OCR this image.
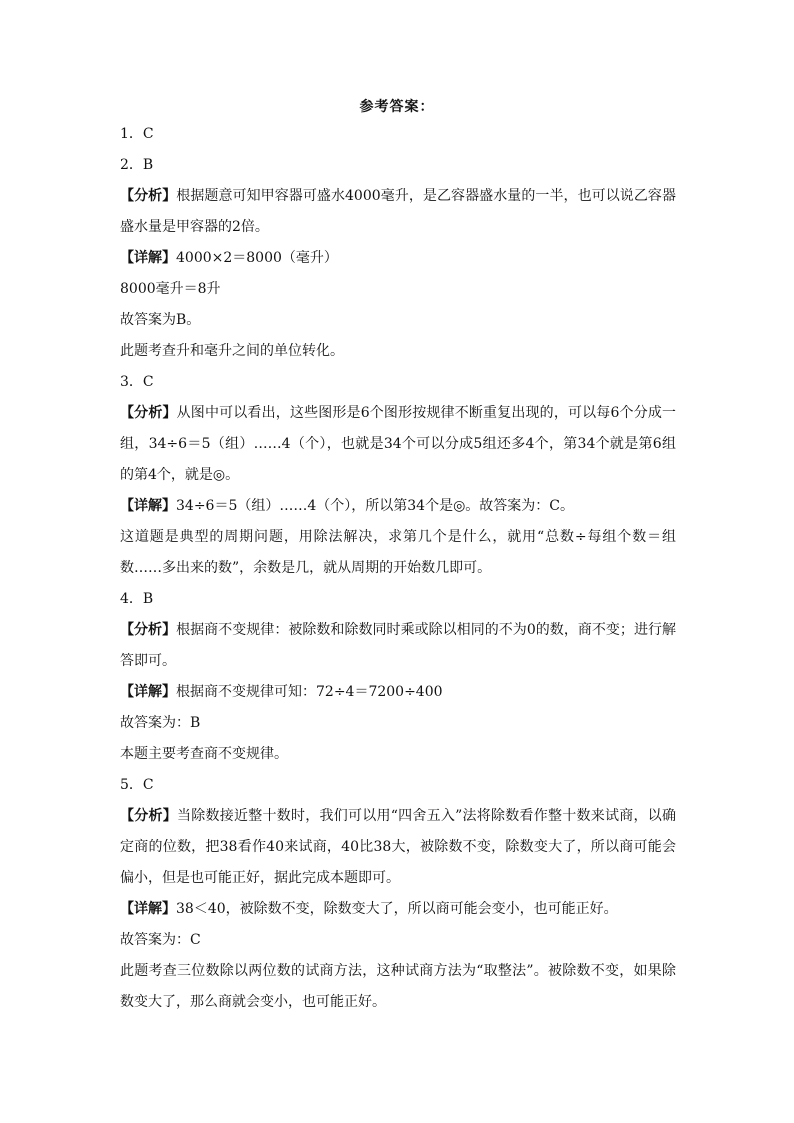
参考答案：
1．C
2．B
【分析】根据题意可知甲容器可盛水4000毫升，是乙容器盛水量的一半，也可以说乙容器盛水量是甲容器的2倍。
【详解】4000×2＝8000（毫升）
8000毫升＝8升
故答案为B。
此题考查升和毫升之间的单位转化。
3．C
【分析】从图中可以看出，这些图形是6个图形按规律不断重复出现的，可以每6个分成一组，34÷6＝5（组）……4（个），也就是34个可以分成5组还多4个，第34个就是第6组的第4个，就是◎。
【详解】34÷6＝5（组）……4（个），所以第34个是◎。故答案为：C。
这道题是典型的周期问题，用除法解决，求第几个是什么，就用“总数÷每组个数＝组数……多出来的数”，余数是几，就从周期的开始数几即可。
4．B
【分析】根据商不变规律：被除数和除数同时乘或除以相同的不为0的数，商不变；进行解答即可。
【详解】根据商不变规律可知：72÷4＝7200÷400
故答案为：B
本题主要考查商不变规律。
5．C
【分析】当除数接近整十数时，我们可以用“四舍五入”法将除数看作整十数来试商，以确定商的位数，把38看作40来试商，40比38大，被除数不变，除数变大了，所以商可能会偏小，但是也可能正好，据此完成本题即可。
【详解】38＜40，被除数不变，除数变大了，所以商可能会变小，也可能正好。
故答案为：C
此题考查三位数除以两位数的试商方法，这种试商方法为“取整法”。被除数不变，如果除数变大了，那么商就会变小，也可能正好。
